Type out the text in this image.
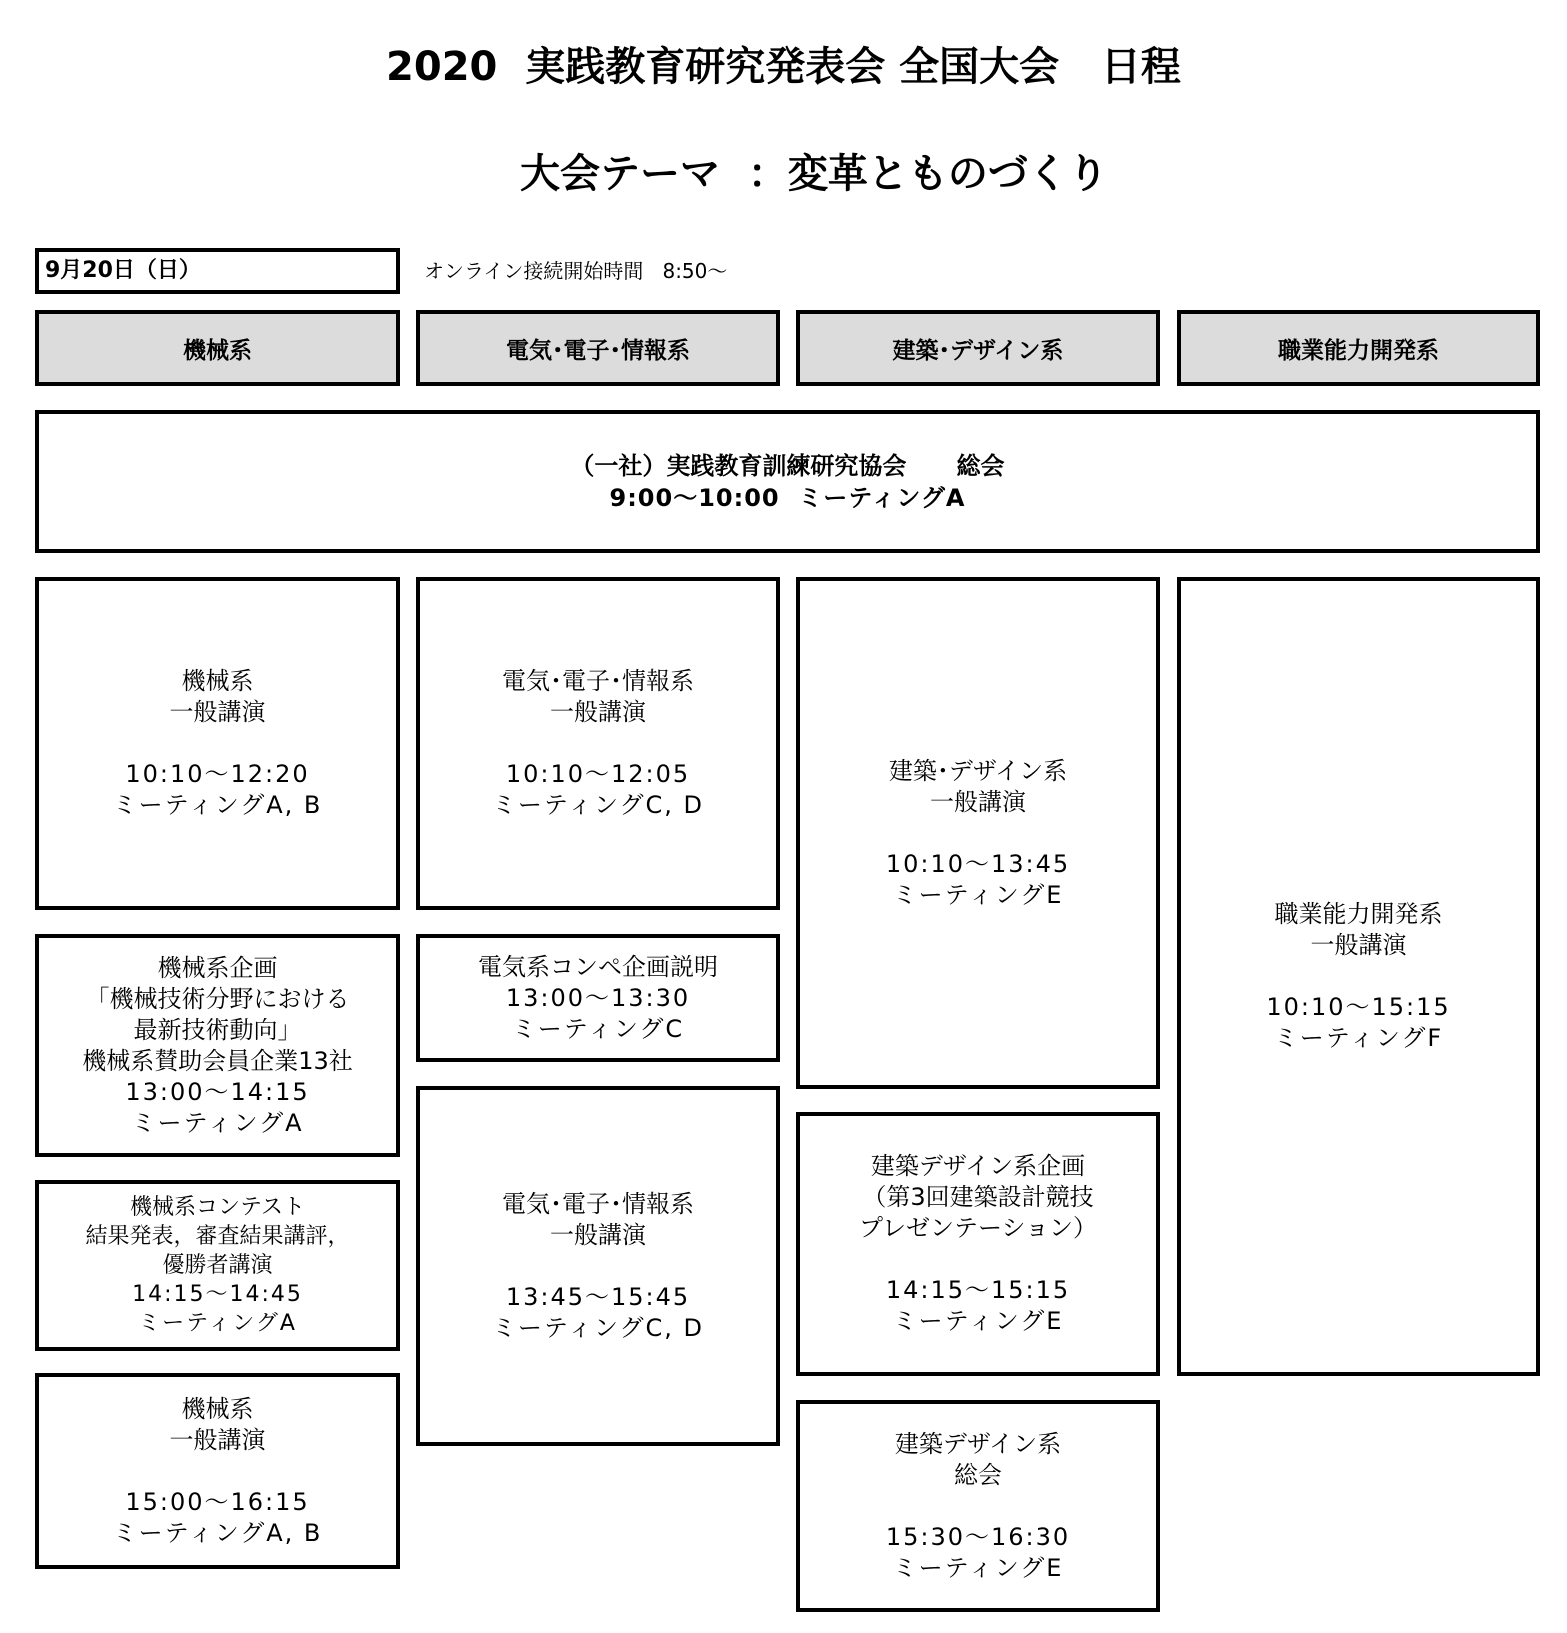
2020  実践教育研究発表会 全国大会   日程
大会テーマ  ：変革とものづくり
9月20日（日）	オンライン接続開始時間   8:50～
機械系	電気･電子･情報系	建築･デザイン系	職業能力開発系
（一社）実践教育訓練研究協会      総会
9:00～10:00  ミーティングA
機械系
一般講演
10:10～12:20
ミーティングA, B
機械系企画
「機械技術分野における
最新技術動向」
機械系賛助会員企業13社
13:00～14:15
ミーティングA
機械系コンテスト
結果発表，審査結果講評，
優勝者講演
14:15～14:45
ミーティングA
機械系
一般講演
15:00～16:15
ミーティングA, B
電気･電子･情報系
一般講演
10:10～12:05
ミーティングC, D
電気系コンペ企画説明
13:00～13:30
ミーティングC
電気･電子･情報系
一般講演
13:45～15:45
ミーティングC, D
建築･デザイン系
一般講演
10:10～13:45
ミーティングE
建築デザイン系企画
（第3回建築設計競技
プレゼンテーション）
14:15～15:15
ミーティングE
建築デザイン系
総会
15:30～16:30
ミーティングE
職業能力開発系
一般講演
10:10～15:15
ミーティングF
